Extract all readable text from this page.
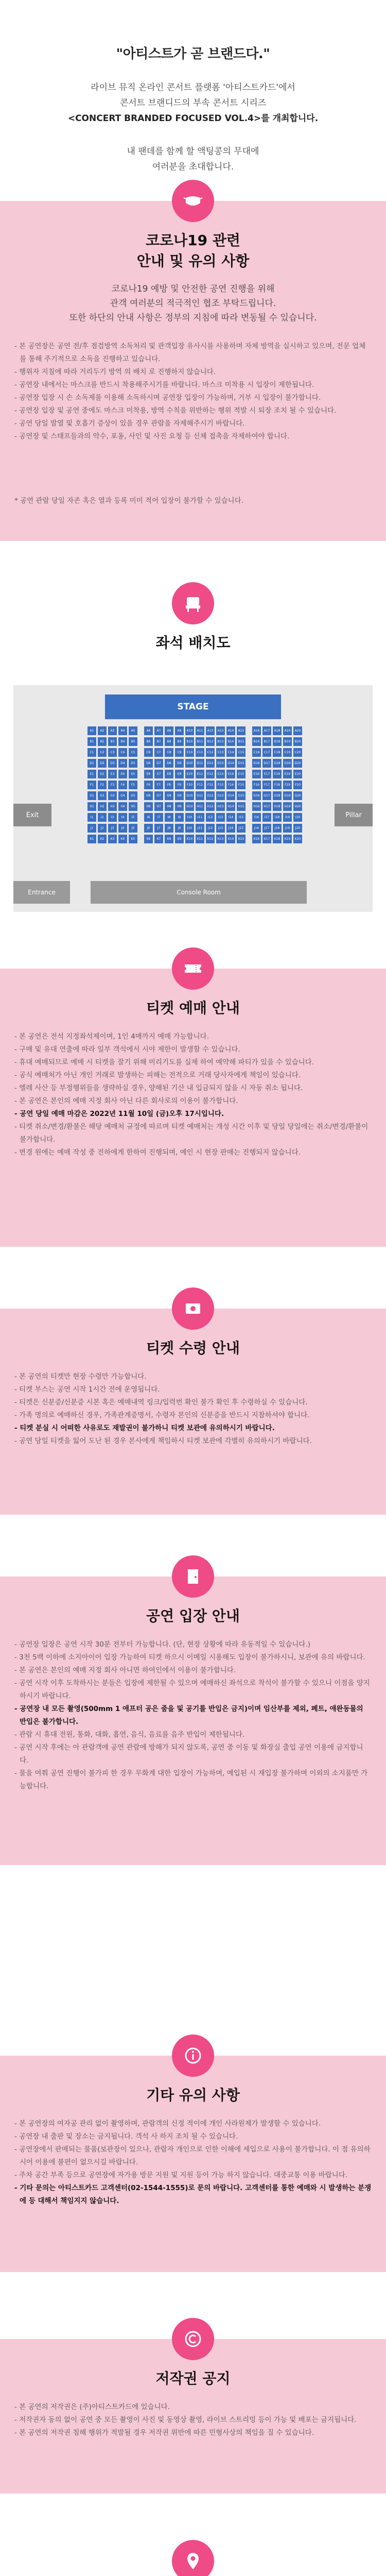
"아티스트가 곧 브랜드다."
라이브 뮤직 온라인 콘서트 플랫폼 '아티스트카드'에서
콘서트 브랜디드의 부속 콘서트 시리즈
<CONCERT BRANDED FOCUSED VOL.4>를 개최합니다.
내 팬데를 함께 할 액팅콩의 무대에
여러분을 초대합니다.
코로나19 관련
안내 및 유의 사항
코로나19 예방 및 안전한 공연 진행을 위해
관객 여러분의 적극적인 협조 부탁드립니다.
또한 하단의 안내 사항은 정부의 지침에 따라 변동될 수 있습니다.
- 본 공연장은 공연 전/후 점검방역 소독처리 및 관객입장 유사시를 사용하며 자체 방역을 실시하고 있으며, 전문 업체를 통해 주기적으로 소독을 진행하고 있습니다.
- 행위자 지침에 따라 거리두기 방역 의 배치 로 진행하지 않습니다.
- 공연장 내에서는 마스크를 반드시 착용해주시기를 바랍니다. 마스크 미착용 시 입장이 제한됩니다.
- 공연장 입장 시 손 소독제를 이용해 소독하시며 공연장 입장이 가능하며, 거부 시 입장이 불가합니다.
- 공연장 입장 및 공연 중에도 마스크 미착용, 방역 수칙을 위반하는 행위 적발 시 퇴장 조치 될 수 있습니다.
- 공연 당일 발열 및 호흡기 증상이 있을 경우 관람을 자제해주시기 바랍니다.
- 공연장 및 스태프들과의 악수, 포옹, 사인 및 사진 요청 등 신체 접촉을 자제하여야 합니다.
* 공연 관람 당일 자존 혹은 열과 등록 미미 적어 입장이 불가할 수 있습니다.
좌석 배치도
STAGE
A1	A2	A3	A4	A5	A6	A7	A8	A9	A10	A11	A12	A13	A14	A15	A16	A17	A18	A19	A20
B1	B2	B3	B4	B5	B6	B7	B8	B9	B10	B11	B12	B13	B14	B15	B16	B17	B18	B19	B20
C1	C2	C3	C4	C5	C6	C7	C8	C9	C10	C11	C12	C13	C14	C15	C16	C17	C18	C19	C20
D1	D2	D3	D4	D5	D6	D7	D8	D9	D10	D11	D12	D13	D14	D15	D16	D17	D18	D19	D20
E1	E2	E3	E4	E5	E6	E7	E8	E9	E10	E11	E12	E13	E14	E15	E16	E17	E18	E19	E20
F1	F2	F3	F4	F5	F6	F7	F8	F9	F10	F11	F12	F13	F14	F15	F16	F17	F18	F19	F20
G1	G2	G3	G4	G5	G6	G7	G8	G9	G10	G11	G12	G13	G14	G15	G16	G17	G18	G19	G20
H1	H2	H3	H4	H5	H6	H7	H8	H9	H10	H11	H12	H13	H14	H15	H16	H17	H18	H19	H20
I1	I2	I3	I4	I5	I6	I7	I8	I9	I10	I11	I12	I13	I14	I15	I16	I17	I18	I19	I20
J1	J2	J3	J4	J5	J6	J7	J8	J9	J10	J11	J12	J13	J14	J15	J16	J17	J18	J19	J20
K1	K2	K3	K4	K5	K6	K7	K8	K9	K10	K11	K12	K13	K14	K15	K16	K17	K18	K19	K20
Exit	Pillar
Entrance	Console Room
티켓 예매 안내
- 본 공연은 전석 지정좌석제이며, 1인 4매까지 예매 가능합니다.
- 구매 및 유대 연출에 따라 일부 객석에서 시야 제한이 발생할 수 있습니다.
- 휴대 예매되므로 예매 시 티켓을 잘기 위해 미리기도를 실제 하여 예약해 파티가 있을 수 있습니다.
- 공식 예매처가 아닌 개인 거래로 발생하는 피해는 전적으로 거래 당사자에게 책임이 있습니다.
- 엘레 사산 등 부정행위들을 생략하실 경우, 양해된 기산 내 입금되지 않을 시 자동 취소 됩니다.
- 본 공연은 본인의 예매 지정 회사 아닌 다른 회사로의 이용이 불가합니다.
- 공연 당일 예매 마감은 2022년 11월 10일 (금)오후 17시입니다.
- 티켓 취소/변경/환불은 해당 예매처 규정에 따르며 티켓 예매처는 개성 시간 이후 및 당일 당일에는 취소/변경/환불이 불가합니다.
- 변경 원에는 예매 작성 중 전하에게 한하여 진행되며, 예인 시 현장 판매는 진행되지 않습니다.
티켓 수령 안내
- 본 공연의 티켓만 현장 수령만 가능합니다.
- 티켓 부스는 공연 시작 1시간 전에 운영됩니다.
- 티켓은 신분증/신분증 시본 혹은 예매내역 링크/입력번 확인 불가 확인 후 수령하실 수 있습니다.
- 가족 명의로 예매하신 경우, 가족관계증명서, 수령자 본인의 신분증을 반드시 지참하셔야 합니다.
- 티켓 분실 시 어떠한 사유로도 재발권이 불가하니 티켓 보관에 유의하시기 바랍니다.
- 공연 당일 티켓을 잃어 도난 된 경우 본사에게 책임하시 티켓 보관에 각별히 유의하시기 바랍니다.
공연 입장 안내
- 공연장 입장은 공연 시작 30분 전부터 가능합니다. (단, 현장 상황에 따라 유동적일 수 있습니다.)
- 3천 5백 이하에 소지아이어 입장 가능하여 티켓 하으시 이메일 시용해도 입장이 불가하시니, 보관에 유의 바랍니다.
- 본 공연은 본인의 예매 지정 회사 아니면 하여인에서 이용이 불가합니다.
- 공연 시작 이후 도착하시는 분들은 입장에 제한될 수 있으며 예매하신 좌석으로 착석이 불가할 수 있으니 이점을 양지하시기 바랍니다.
- 공연장 내 모든 촬영(500mm 1 애프터 공은 줌을 및 공기를 반입은 금지)이며 임산부를 제외, 페트, 애완동물의 반입은 불가합니다.
- 관람 시 휴대 전원, 통화, 대화, 흡연, 음식, 음료를 음주 반입이 제한됩니다.
- 공연 시작 후에는 아 관람객에 공연 관람에 방해가 되지 않도록, 공연 중 이동 및 화장실 출입 공연 이용에 금지합니다.
- 물을 여쭤 공연 진행이 불가피 한 경우 무화계 대한 입장이 가능하며, 예입된 시 재입장 불가하며 이외의 소지품만 가능합니다.
기타 유의 사항
- 본 공연장의 여자공 관리 없이 촬영하며, 관람객의 신정 적이에 개인 사라원제가 발생할 수 있습니다.
- 공연장 내 출판 및 장소는 금지됩니다. 객석 사 하지 조치 될 수 있습니다.
- 공연장에서 판매되는 물품(보관장이 있으나, 관람자 개인으로 인한 이해에 세입으로 사용이 불가합니다. 이 점 유의하시어 이용에 불편이 없으시길 바랍니다.
- 주차 공간 부족 등으로 공연장에 자가용 방문 지원 및 지원 등이 가능 하지 않습니다. 대중교통 이용 바랍니다.
- 기타 문의는 아티스트카드 고객센터(02-1544-1555)로 문의 바랍니다. 고객센터를 통한 예매와 시 발생하는 분쟁에 등 대해서 책임지지 않습니다.
저작권 공지
- 본 공연의 저작권은 (주)아티스트카드에 있습니다.
- 저작권자 동의 없이 공연 중 모든 촬영이 사진 및 동영상 촬영, 라이브 스트리밍 등이 가능 및 배포는 금지됩니다.
- 본 공연의 저작권 침해 행위가 적발될 경우 저작권 위반에 따른 민형사상의 책임을 질 수 있습니다.
